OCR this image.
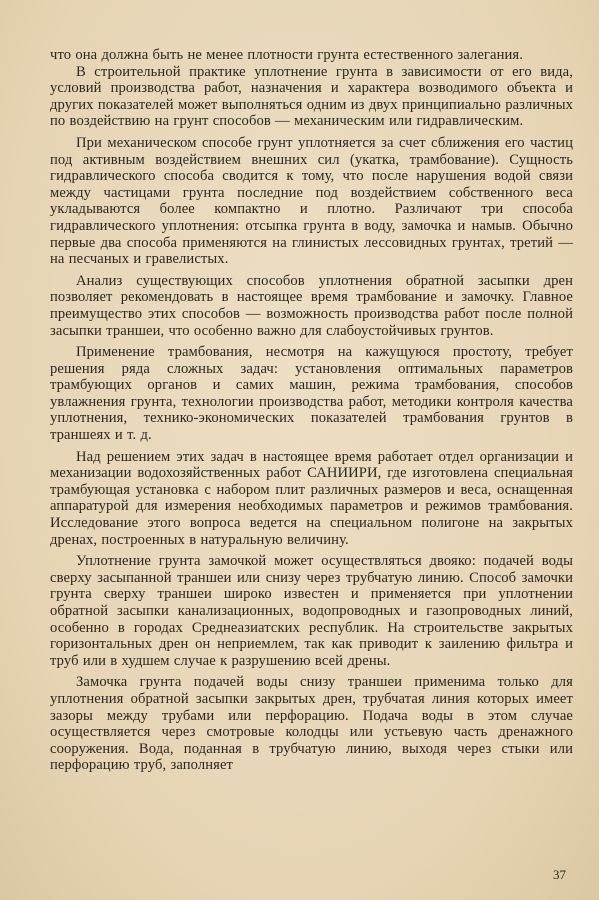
что она должна быть не менее плотности грунта естественного залегания.

В строительной практике уплотнение грунта в зависимости от его вида, условий производства работ, назначения и характера возводимого объекта и других показателей может выполняться одним из двух принципиально различных по воздействию на грунт способов — механическим или гидравлическим.

При механическом способе грунт уплотняется за счет сближения его частиц под активным воздействием внешних сил (укатка, трамбование). Сущность гидравлического способа сводится к тому, что после нарушения водой связи между частицами грунта последние под воздействием собственного веса укладываются более компактно и плотно. Различают три способа гидравлического уплотнения: отсыпка грунта в воду, замочка и намыв. Обычно первые два способа применяются на глинистых лессовидных грунтах, третий — на песчаных и гравелистых.

Анализ существующих способов уплотнения обратной засыпки дрен позволяет рекомендовать в настоящее время трамбование и замочку. Главное преимущество этих способов — возможность производства работ после полной засыпки траншеи, что особенно важно для слабоустойчивых грунтов.

Применение трамбования, несмотря на кажущуюся простоту, требует решения ряда сложных задач: установления оптимальных параметров трамбующих органов и самих машин, режима трамбования, способов увлажнения грунта, технологии производства работ, методики контроля качества уплотнения, технико-экономических показателей трамбования грунтов в траншеях и т. д.

Над решением этих задач в настоящее время работает отдел организации и механизации водохозяйственных работ САНИИРИ, где изготовлена специальная трамбующая установка с набором плит различных размеров и веса, оснащенная аппаратурой для измерения необходимых параметров и режимов трамбования. Исследование этого вопроса ведется на специальном полигоне на закрытых дренах, построенных в натуральную величину.

Уплотнение грунта замочкой может осуществляться двояко: подачей воды сверху засыпанной траншеи или снизу через трубчатую линию. Способ замочки грунта сверху траншеи широко известен и применяется при уплотнении обратной засыпки канализационных, водопроводных и газопроводных линий, особенно в городах Среднеазиатских республик. На строительстве закрытых горизонтальных дрен он неприемлем, так как приводит к заилению фильтра и труб или в худшем случае к разрушению всей дрены.

Замочка грунта подачей воды снизу траншеи применима только для уплотнения обратной засыпки закрытых дрен, трубчатая линия которых имеет зазоры между трубами или перфорацию. Подача воды в этом случае осуществляется через смотровые колодцы или устьевую часть дренажного сооружения. Вода, поданная в трубчатую линию, выходя через стыки или перфорацию труб, заполняет

37
